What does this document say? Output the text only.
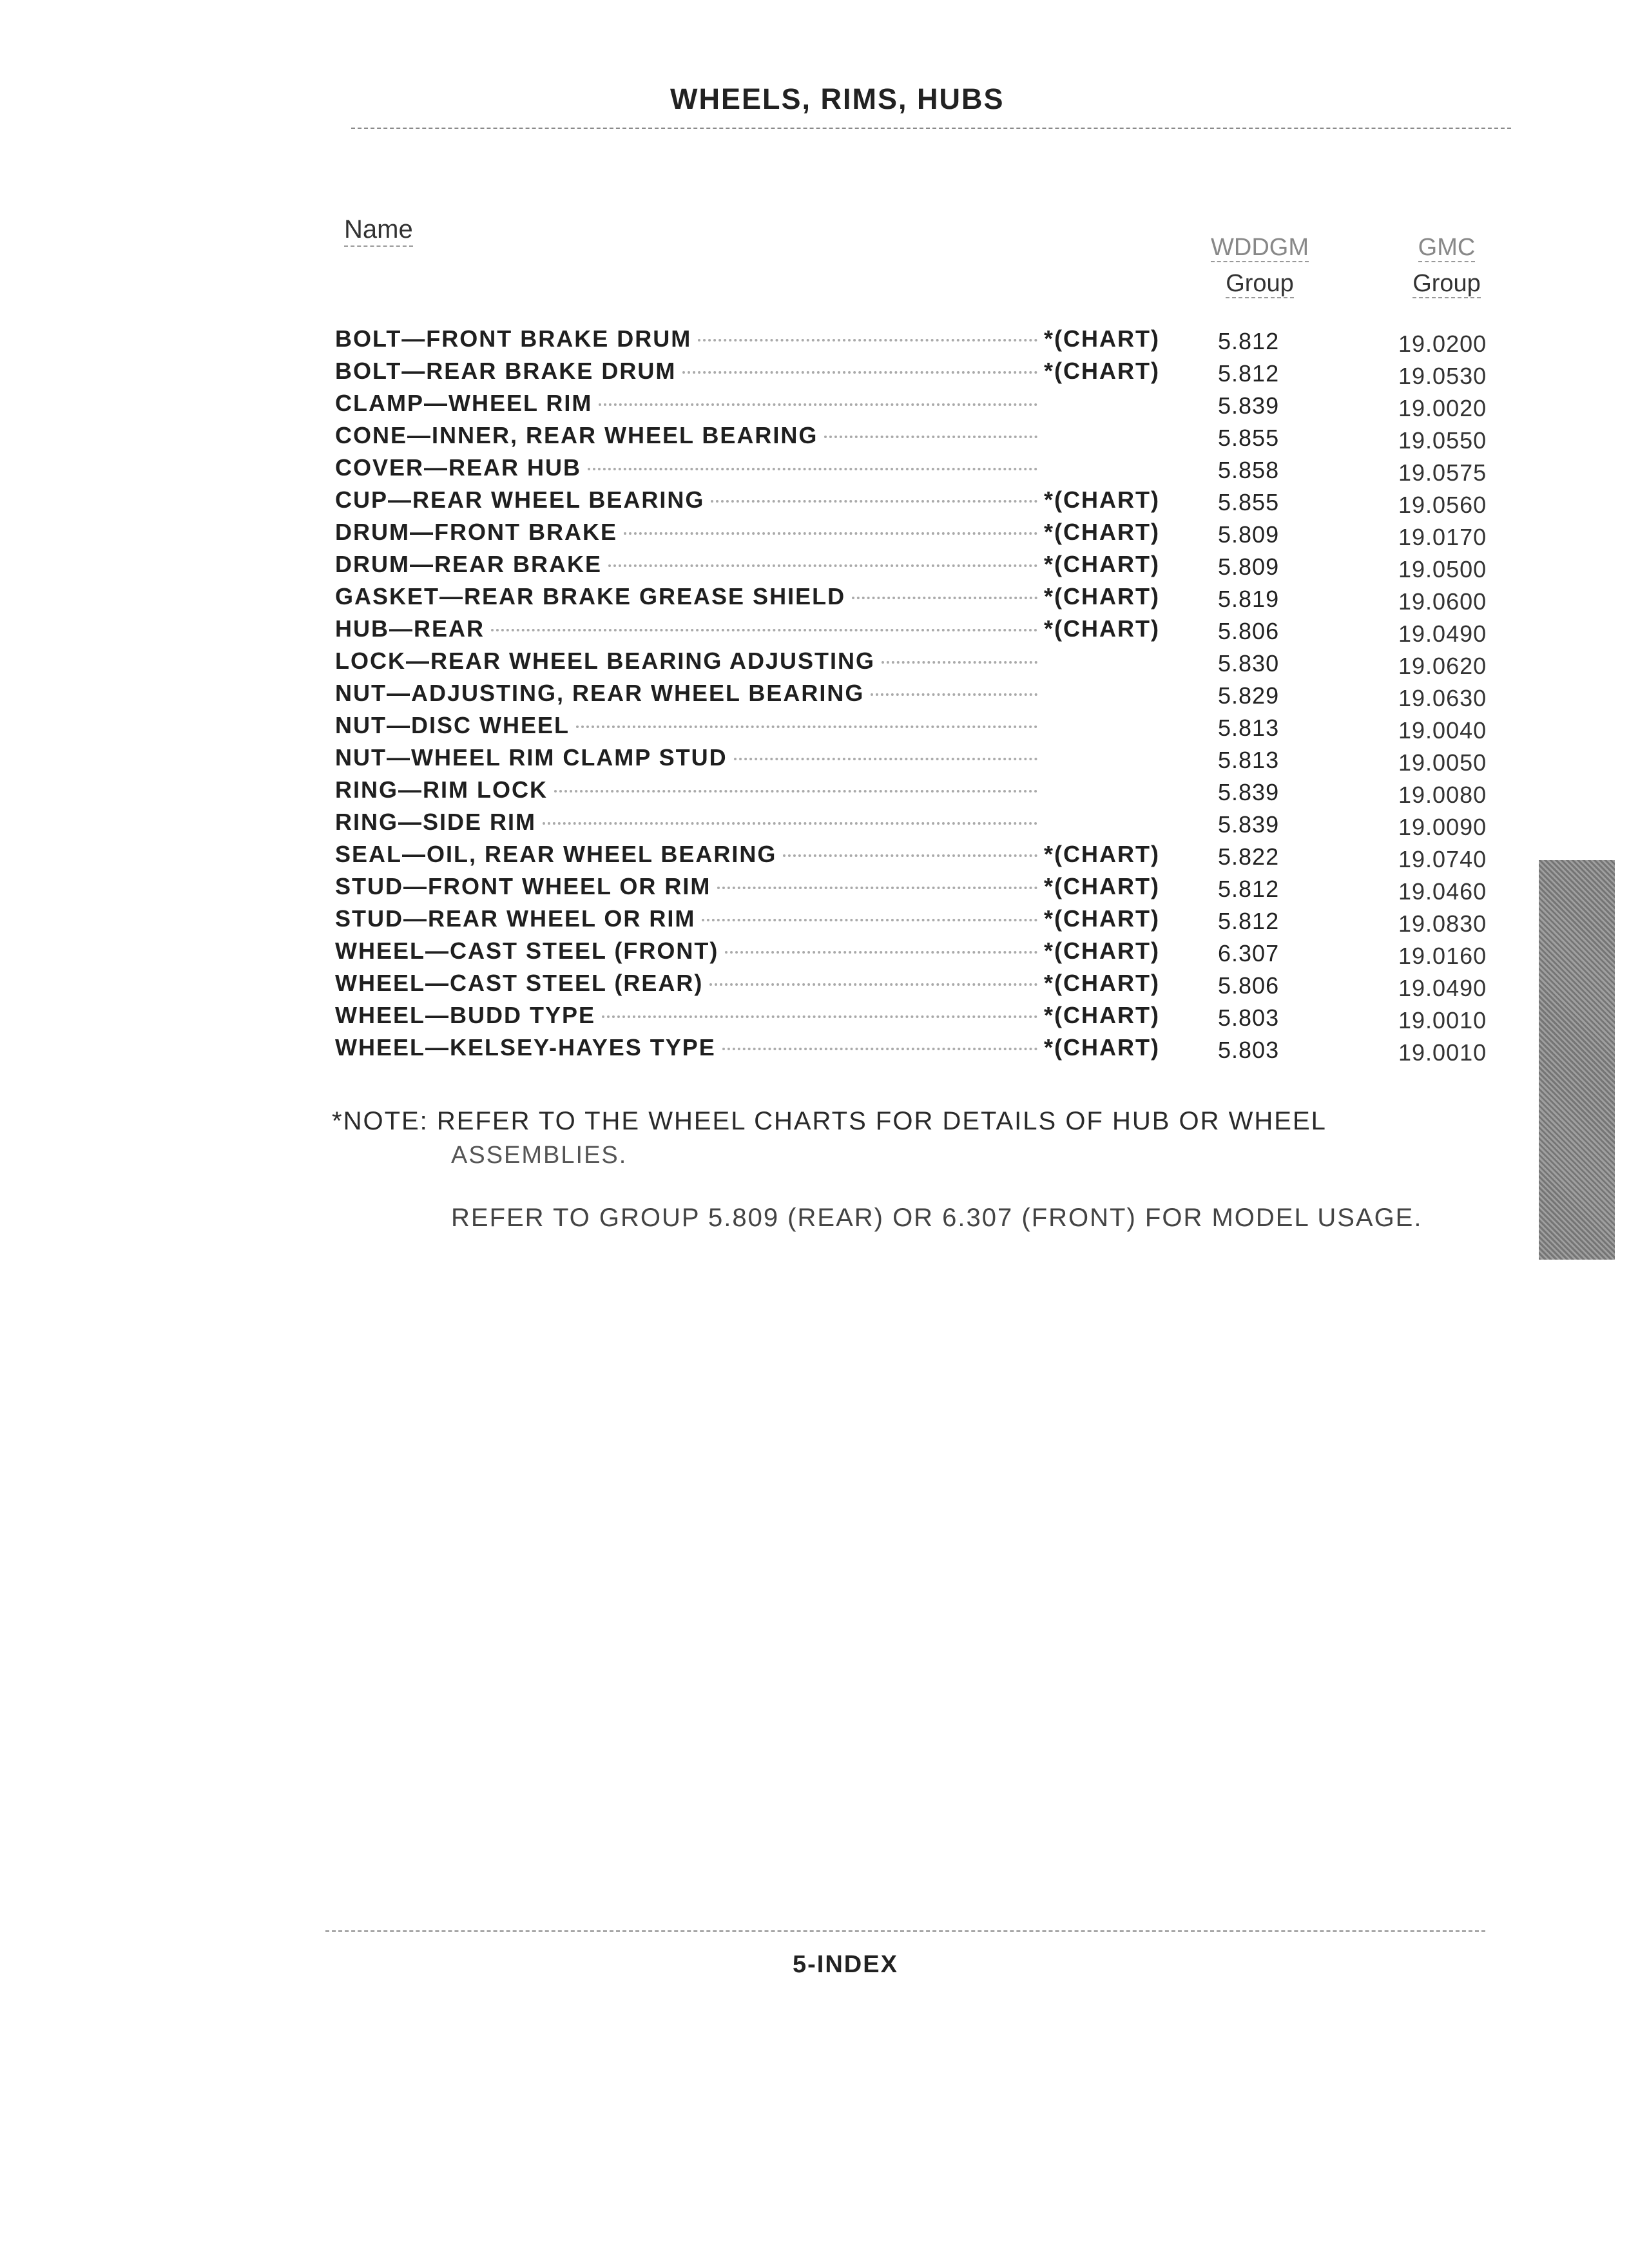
WHEELS, RIMS, HUBS
Name
WDDGM
Group
GMC
Group
BOLT—FRONT BRAKE DRUM	*(CHART)	5.812	19.0200
BOLT—REAR BRAKE DRUM	*(CHART)	5.812	19.0530
CLAMP—WHEEL RIM	5.839	19.0020
CONE—INNER, REAR WHEEL BEARING	5.855	19.0550
COVER—REAR HUB	5.858	19.0575
CUP—REAR WHEEL BEARING	*(CHART)	5.855	19.0560
DRUM—FRONT BRAKE	*(CHART)	5.809	19.0170
DRUM—REAR BRAKE	*(CHART)	5.809	19.0500
GASKET—REAR BRAKE GREASE SHIELD	*(CHART)	5.819	19.0600
HUB—REAR	*(CHART)	5.806	19.0490
LOCK—REAR WHEEL BEARING ADJUSTING	5.830	19.0620
NUT—ADJUSTING, REAR WHEEL BEARING	5.829	19.0630
NUT—DISC WHEEL	5.813	19.0040
NUT—WHEEL RIM CLAMP STUD	5.813	19.0050
RING—RIM LOCK	5.839	19.0080
RING—SIDE RIM	5.839	19.0090
SEAL—OIL, REAR WHEEL BEARING	*(CHART)	5.822	19.0740
STUD—FRONT WHEEL OR RIM	*(CHART)	5.812	19.0460
STUD—REAR WHEEL OR RIM	*(CHART)	5.812	19.0830
WHEEL—CAST STEEL (FRONT)	*(CHART)	6.307	19.0160
WHEEL—CAST STEEL (REAR)	*(CHART)	5.806	19.0490
WHEEL—BUDD TYPE	*(CHART)	5.803	19.0010
WHEEL—KELSEY-HAYES TYPE	*(CHART)	5.803	19.0010
*NOTE: REFER TO THE WHEEL CHARTS FOR DETAILS OF HUB OR WHEEL
ASSEMBLIES.
REFER TO GROUP 5.809 (REAR) OR 6.307 (FRONT) FOR MODEL USAGE.
5-INDEX
